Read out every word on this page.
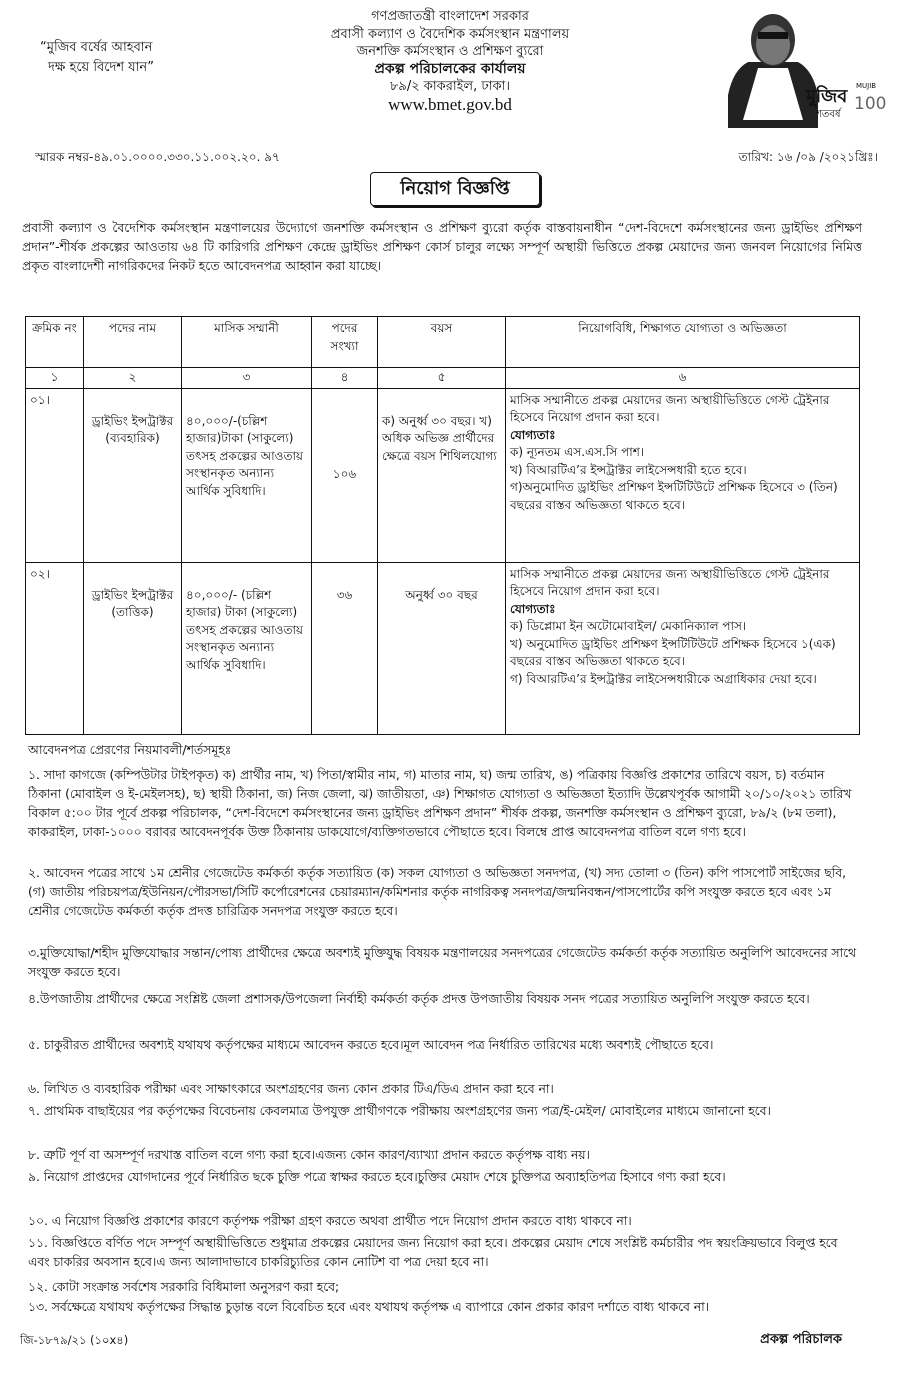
“মুজিব বর্ষের আহবান
দক্ষ হয়ে বিদেশ যান”
গণপ্রজাতন্ত্রী বাংলাদেশ সরকার
প্রবাসী কল্যাণ ও বৈদেশিক কর্মসংস্থান মন্ত্রণালয়
জনশক্তি কর্মসংস্থান ও প্রশিক্ষণ ব্যুরো
প্রকল্প পরিচালকের কার্যালয়
৮৯/২ কাকরাইল, ঢাকা।
www.bmet.gov.bd	মুজিব
শতবর্ষ
MUJIB
100
স্মারক নম্বর-৪৯.০১.০০০০.৩৩০.১১.০০২.২০. ৯৭	তারিখ: ১৬ /০৯ /২০২১খ্রিঃ।
নিয়োগ বিজ্ঞপ্তি
প্রবাসী কল্যাণ ও বৈদেশিক কর্মসংস্থান মন্ত্রণালয়ের উদ্যোগে জনশক্তি কর্মসংস্থান ও প্রশিক্ষণ ব্যুরো কর্তৃক বাস্তবায়নাধীন “দেশ-বিদেশে কর্মসংস্থানের জন্য ড্রাইভিং প্রশিক্ষণ প্রদান”-শীর্ষক প্রকল্পের আওতায় ৬৪ টি কারিগরি প্রশিক্ষণ কেন্দ্রে ড্রাইভিং প্রশিক্ষণ কোর্স চালুর লক্ষ্যে সম্পূর্ণ অস্থায়ী ভিত্তিতে প্রকল্প মেয়াদের জন্য জনবল নিয়োগের নিমিত্ত প্রকৃত বাংলাদেশী নাগরিকদের নিকট হতে আবেদনপত্র আহ্বান করা যাচ্ছে।
ক্রমিক নং	পদের নাম	মাসিক সম্মানী	পদের সংখ্যা	বয়স	নিয়োগবিধি, শিক্ষাগত যোগ্যতা ও অভিজ্ঞতা
১	২	৩	৪	৫	৬
০১।	ড্রাইভিং ইন্সট্রাক্টর (ব্যবহারিক)	৪০,০০০/-(চল্লিশ হাজার)টাকা (সাকুল্যে) তৎসহ প্রকল্পের আওতায় সংস্থানকৃত অন্যান্য আর্থিক সুবিধাদি।	১০৬	ক) অনুর্ধ্ব ৩০ বছর। খ) অধিক অভিজ্ঞ প্রার্থীদের ক্ষেত্রে বয়স শিথিলযোগ্য	মাসিক সম্মানীতে প্রকল্প মেয়াদের জন্য অস্থায়ীভিত্তিতে গেস্ট ট্রেইনার হিসেবে নিয়োগ প্রদান করা হবে।
যোগ্যতাঃ
ক) ন্যূনতম এস.এস.সি পাশ।
খ) বিআরটিএ’র ইন্সট্রাক্টর লাইসেন্সধারী হতে হবে।
গ)অনুমোদিত ড্রাইভিং প্রশিক্ষণ ইন্সটিটিউটে প্রশিক্ষক হিসেবে ৩ (তিন) বছরের বাস্তব অভিজ্ঞতা থাকতে হবে।

০২।	ড্রাইভিং ইন্সট্রাক্টর (তাত্তিক)	৪০,০০০/- (চল্লিশ হাজার) টাকা (সাকুল্যে) তৎসহ প্রকল্পের আওতায় সংস্থানকৃত অন্যান্য আর্থিক সুবিধাদি।	৩৬	অনুর্ধ্ব ৩০ বছর	মাসিক সম্মানীতে প্রকল্প মেয়াদের জন্য অস্থায়ীভিত্তিতে গেস্ট ট্রেইনার হিসেবে নিয়োগ প্রদান করা হবে।
যোগ্যতাঃ
ক) ডিপ্লোমা ইন অটোমোবাইল/ মেকানিক্যাল পাস।
খ) অনুমোদিত ড্রাইভিং প্রশিক্ষণ ইন্সটিটিউটে প্রশিক্ষক হিসেবে ১(এক) বছরের বাস্তব অভিজ্ঞতা থাকতে হবে।
গ) বিআরটিএ’র ইন্সট্রাক্টর লাইসেন্সধারীকে অগ্রাধিকার দেয়া হবে।
আবেদনপত্র প্রেরণের নিয়মাবলী/শর্তসমূহঃ
১. সাদা কাগজে (কম্পিউটার টাইপকৃত) ক) প্রার্থীর নাম, খ) পিতা/স্বামীর নাম, গ) মাতার নাম, ঘ) জন্ম তারিখ, ঙ) পত্রিকায় বিজ্ঞপ্তি প্রকাশের তারিখে বয়স, চ) বর্তমান ঠিকানা (মোবাইল ও ই-মেইলসহ), ছ) স্থায়ী ঠিকানা, জ) নিজ জেলা, ঝ) জাতীয়তা, ঞ) শিক্ষাগত যোগ্যতা ও অভিজ্ঞতা ইত্যাদি উল্লেখপূর্বক আগামী ২০/১০/২০২১ তারিখ বিকাল ৫:০০ টার পূর্বে প্রকল্প পরিচালক, “দেশ-বিদেশে কর্মসংস্থানের জন্য ড্রাইভিং প্রশিক্ষণ প্রদান” শীর্ষক প্রকল্প, জনশক্তি কর্মসংস্থান ও প্রশিক্ষণ ব্যুরো, ৮৯/২ (৮ম তলা), কাকরাইল, ঢাকা-১০০০ বরাবর আবেদনপূর্বক উক্ত ঠিকানায় ডাকযোগে/ব্যক্তিগতভাবে পৌছাতে হবে। বিলম্বে প্রাপ্ত আবেদনপত্র বাতিল বলে গণ্য হবে।
২. আবেদন পত্রের সাথে ১ম শ্রেনীর গেজেটেড কর্মকর্তা কর্তৃক সত্যায়িত (ক) সকল যোগ্যতা ও অভিজ্ঞতা সনদপত্র, (খ) সদ্য তোলা ৩ (তিন) কপি পাসপোর্ট সাইজের ছবি, (গ) জাতীয় পরিচয়পত্র/ইউনিয়ন/পৌরসভা/সিটি কর্পোরেশনের চেয়ারম্যান/কমিশনার কর্তৃক নাগরিকত্ব সনদপত্র/জন্মনিবন্ধন/পাসপোর্টের কপি সংযুক্ত করতে হবে এবং ১ম শ্রেনীর গেজেটেড কর্মকর্তা কর্তৃক প্রদত্ত চারিত্রিক সনদপত্র সংযুক্ত করতে হবে।
৩.মুক্তিযোদ্ধা/শহীদ মুক্তিযোদ্ধার সন্তান/পোষ্য প্রার্থীদের ক্ষেত্রে অবশ্যই মুক্তিযুদ্ধ বিষয়ক মন্ত্রণালয়ের সনদপত্রের গেজেটেড কর্মকর্তা কর্তৃক সত্যায়িত অনুলিপি আবেদনের সাথে সংযুক্ত করতে হবে।
৪.উপজাতীয় প্রার্থীদের ক্ষেত্রে সংশ্লিষ্ট জেলা প্রশাসক/উপজেলা নির্বাহী কর্মকর্তা কর্তৃক প্রদত্ত উপজাতীয় বিষয়ক সনদ পত্রের সত্যায়িত অনুলিপি সংযুক্ত করতে হবে।
৫. চাকুরীরত প্রার্থীদের অবশ্যই যথাযথ কর্তৃপক্ষের মাধ্যমে আবেদন করতে হবে।মূল আবেদন পত্র নির্ধারিত তারিখের মধ্যে অবশ্যই পৌছাতে হবে।
৬. লিখিত ও ব্যবহারিক পরীক্ষা এবং সাক্ষাৎকারে অংশগ্রহণের জন্য কোন প্রকার টিএ/ডিএ প্রদান করা হবে না।
৭. প্রাথমিক বাছাইয়ের পর কর্তৃপক্ষের বিবেচনায় কেবলমাত্র উপযুক্ত প্রার্থীগণকে পরীক্ষায় অংশগ্রহণের জন্য পত্র/ই-মেইল/ মোবাইলের মাধ্যমে জানানো হবে।
৮. ত্রুটি পূর্ণ বা অসম্পূর্ণ দরখাস্ত বাতিল বলে গণ্য করা হবে।এজন্য কোন কারণ/ব্যাখ্যা প্রদান করতে কর্তৃপক্ষ বাধ্য নয়।
৯. নিয়োগ প্রাপ্তদের যোগদানের পূর্বে নির্ধারিত ছকে চুক্তি পত্রে স্বাক্ষর করতে হবে।চুক্তির মেয়াদ শেষে চুক্তিপত্র অব্যাহতিপত্র হিসাবে গণ্য করা হবে।
১০. এ নিয়োগ বিজ্ঞপ্তি প্রকাশের কারণে কর্তৃপক্ষ পরীক্ষা গ্রহণ করতে অথবা প্রার্থীত পদে নিয়োগ প্রদান করতে বাধ্য থাকবে না।
১১. বিজ্ঞপ্তিতে বর্ণিত পদে সম্পূর্ণ অস্থায়ীভিত্তিতে শুধুমাত্র প্রকল্পের মেয়াদের জন্য নিয়োগ করা হবে। প্রকল্পের মেয়াদ শেষে সংশ্লিষ্ট কর্মচারীর পদ স্বয়ংক্রিয়ভাবে বিলুপ্ত হবে এবং চাকরির অবসান হবে।এ জন্য আলাদাভাবে চাকরিচ্যুতির কোন নোটিশ বা পত্র দেয়া হবে না।
১২. কোটা সংক্রান্ত সর্বশেষ সরকারি বিধিমালা অনুসরণ করা হবে;
১৩. সর্বক্ষেত্রে যথাযথ কর্তৃপক্ষের সিদ্ধান্ত চুড়ান্ত বলে বিবেচিত হবে এবং যথাযথ কর্তৃপক্ষ এ ব্যাপারে কোন প্রকার কারণ দর্শাতে বাধ্য থাকবে না।
জি-১৮৭৯/২১ (১০x৪)	প্রকল্প পরিচালক
